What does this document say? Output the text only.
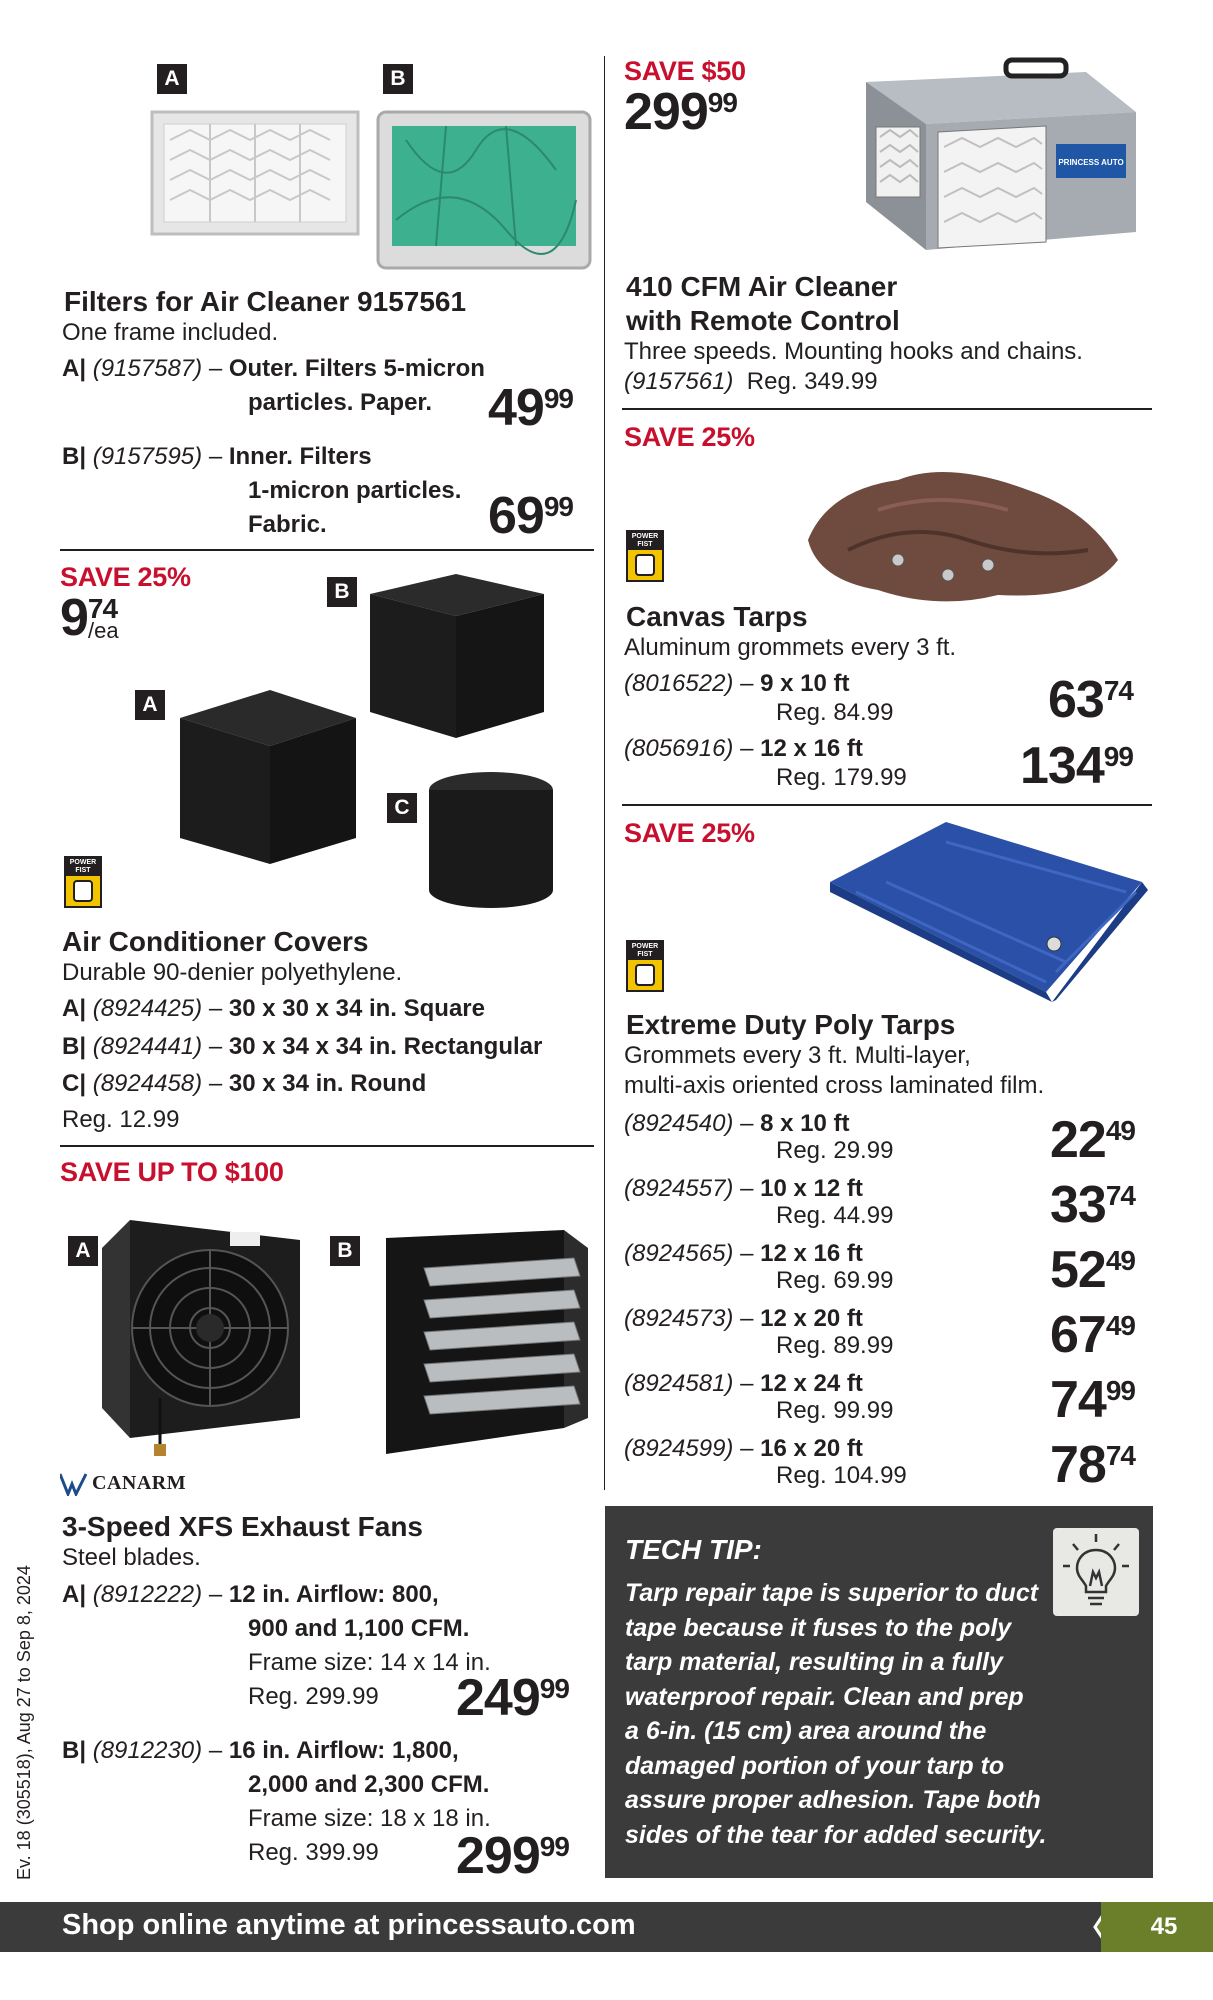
A	B
Filters for Air Cleaner 9157561
One frame included.
A| (9157587) – Outer. Filters 5-micron
particles. Paper. 4999
B| (9157595) – Inner. Filters
1-micron particles.
Fabric.	6999
SAVE $50
29999
PRINCESS AUTO
410 CFM Air Cleaner
with Remote Control
Three speeds. Mounting hooks and chains.
(9157561) Reg. 349.99
SAVE 25%
POWER FIST
Canvas Tarps
Aluminum grommets every 3 ft.
(8016522) – 9 x 10 ft
Reg. 84.99	6374
(8056916) – 12 x 16 ft
Reg. 179.99 13499
SAVE 25%
POWER FIST
Extreme Duty Poly Tarps
Grommets every 3 ft. Multi-layer,
multi-axis oriented cross laminated film.
(8924540) – 8 x 10 ft
Reg. 29.99	2249
(8924557) – 10 x 12 ft
Reg. 44.99	3374
(8924565) – 12 x 16 ft
Reg. 69.99	5249
(8924573) – 12 x 20 ft
Reg. 89.99	6749
(8924581) – 12 x 24 ft
Reg. 99.99	7499
(8924599) – 16 x 20 ft
Reg. 104.99	7874
SAVE 25%
974
/ea
B
A
C
POWER FIST
Air Conditioner Covers
Durable 90-denier polyethylene.
A| (8924425) – 30 x 30 x 34 in. Square
B| (8924441) – 30 x 34 x 34 in. Rectangular
C| (8924458) – 30 x 34 in. Round
Reg. 12.99
SAVE UP TO $100
A	B
CANARM
3-Speed XFS Exhaust Fans
Steel blades.
A| (8912222) – 12 in. Airflow: 800,
900 and 1,100 CFM.
Frame size: 14 x 14 in.
Reg. 299.99 24999
B| (8912230) – 16 in. Airflow: 1,800,
2,000 and 2,300 CFM.
Frame size: 18 x 18 in.
Reg. 399.99 29999
TECH TIP:
Tarp repair tape is superior to duct
tape because it fuses to the poly
tarp material, resulting in a fully
waterproof repair. Clean and prep
a 6-in. (15 cm) area around the
damaged portion of your tarp to
assure proper adhesion. Tape both
sides of the tear for added security.
Ev. 18 (305518), Aug 27 to Sep 8, 2024
Shop online anytime at princessauto.com	45
